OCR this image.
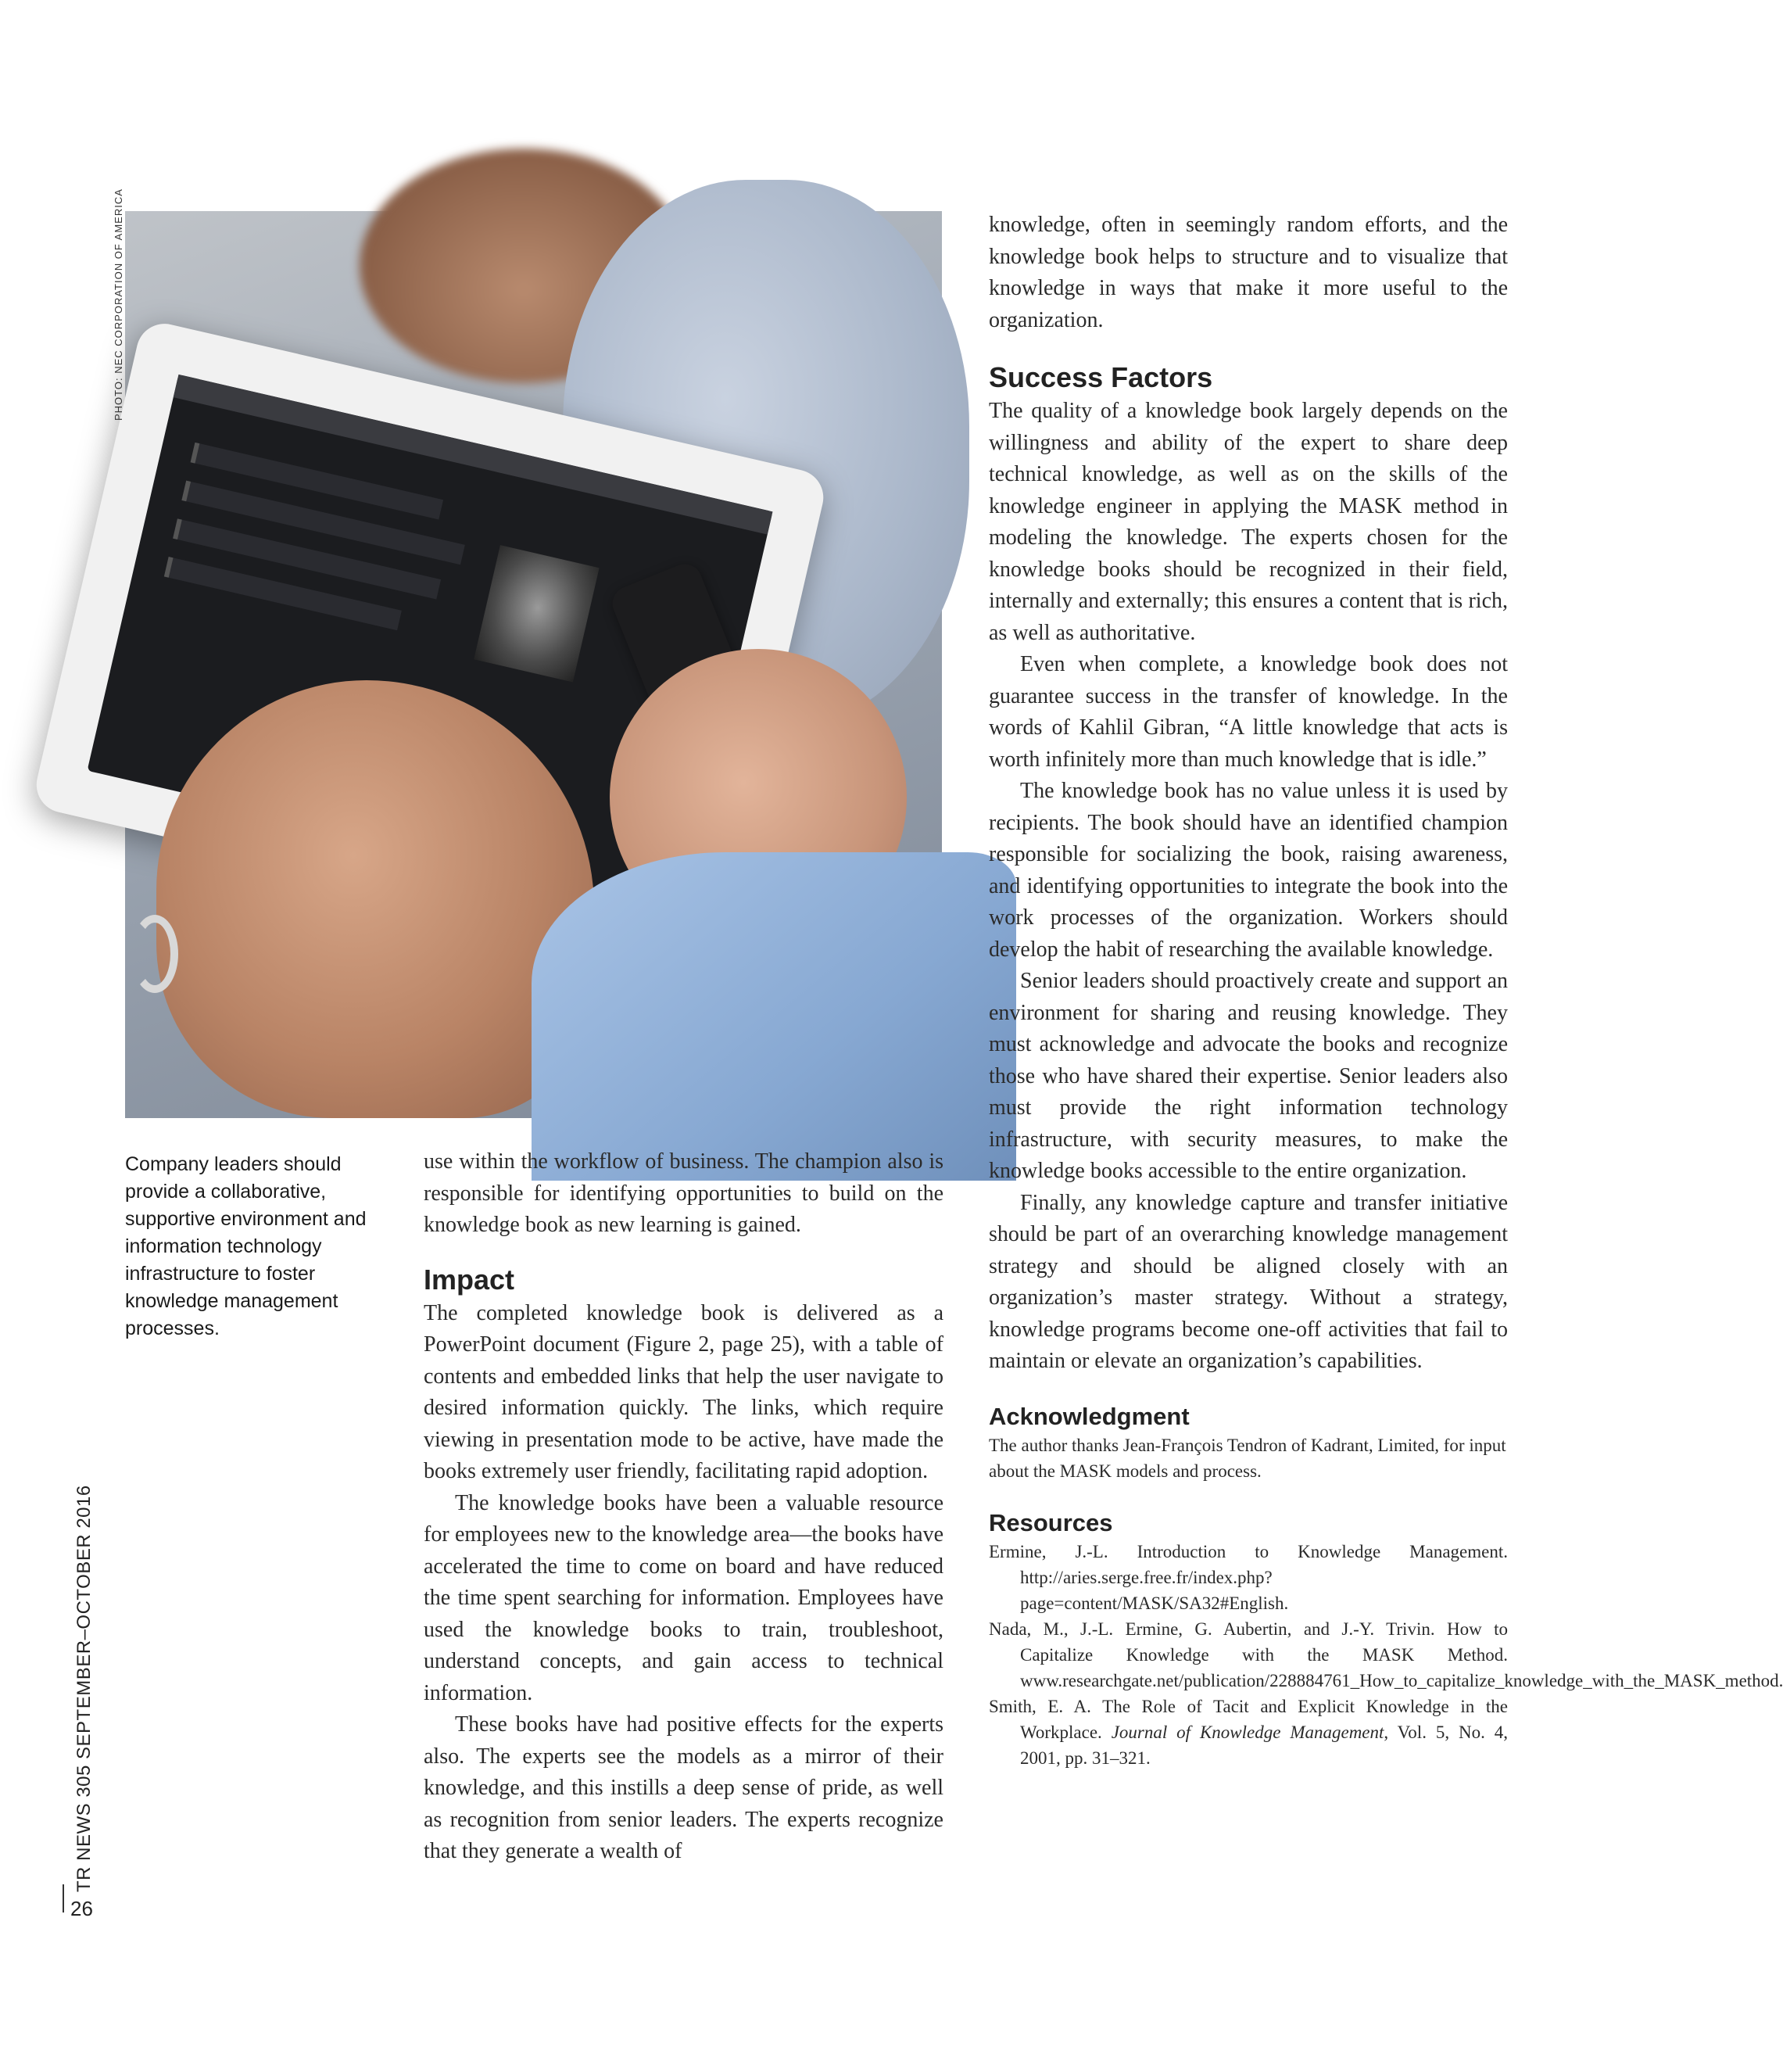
PHOTO: NEC CORPORATION OF AMERICA
Company leaders should provide a collaborative, supportive environment and information technology infrastructure to foster knowledge management processes.

use within the workflow of business. The champion also is responsible for identifying opportunities to build on the knowledge book as new learning is gained.

Impact

The completed knowledge book is delivered as a PowerPoint document (Figure 2, page 25), with a table of contents and embedded links that help the user navigate to desired information quickly. The links, which require viewing in presentation mode to be active, have made the books extremely user friendly, facilitating rapid adoption.

The knowledge books have been a valuable resource for employees new to the knowledge area—the books have accelerated the time to come on board and have reduced the time spent searching for information. Employees have used the knowledge books to train, troubleshoot, understand concepts, and gain access to technical information.

These books have had positive effects for the experts also. The experts see the models as a mirror of their knowledge, and this instills a deep sense of pride, as well as recognition from senior leaders. The experts recognize that they generate a wealth of

knowledge, often in seemingly random efforts, and the knowledge book helps to structure and to visualize that knowledge in ways that make it more useful to the organization.

Success Factors

The quality of a knowledge book largely depends on the willingness and ability of the expert to share deep technical knowledge, as well as on the skills of the knowledge engineer in applying the MASK method in modeling the knowledge. The experts chosen for the knowledge books should be recognized in their field, internally and externally; this ensures a content that is rich, as well as authoritative.

Even when complete, a knowledge book does not guarantee success in the transfer of knowledge. In the words of Kahlil Gibran, “A little knowledge that acts is worth infinitely more than much knowledge that is idle.”

The knowledge book has no value unless it is used by recipients. The book should have an identified champion responsible for socializing the book, raising awareness, and identifying opportunities to integrate the book into the work processes of the organization. Workers should develop the habit of researching the available knowledge.

Senior leaders should proactively create and support an environment for sharing and reusing knowledge. They must acknowledge and advocate the books and recognize those who have shared their expertise. Senior leaders also must provide the right information technology infrastructure, with security measures, to make the knowledge books accessible to the entire organization.

Finally, any knowledge capture and transfer initiative should be part of an overarching knowledge management strategy and should be aligned closely with an organization’s master strategy. Without a strategy, knowledge programs become one-off activities that fail to maintain or elevate an organization’s capabilities.

Acknowledgment

The author thanks Jean-François Tendron of Kadrant, Limited, for input about the MASK models and process.

Resources

Ermine, J.-L. Introduction to Knowledge Management. http://aries.serge.free.fr/index.php?page=content/MASK/SA32#English.

Nada, M., J.-L. Ermine, G. Aubertin, and J.-Y. Trivin. How to Capitalize Knowledge with the MASK Method. www.researchgate.net/publication/228884761_How_to_capitalize_knowledge_with_the_MASK_method.

Smith, E. A. The Role of Tacit and Explicit Knowledge in the Workplace. Journal of Knowledge Management, Vol. 5, No. 4, 2001, pp. 31–321.

TR NEWS 305 SEPTEMBER–OCTOBER 2016
26
